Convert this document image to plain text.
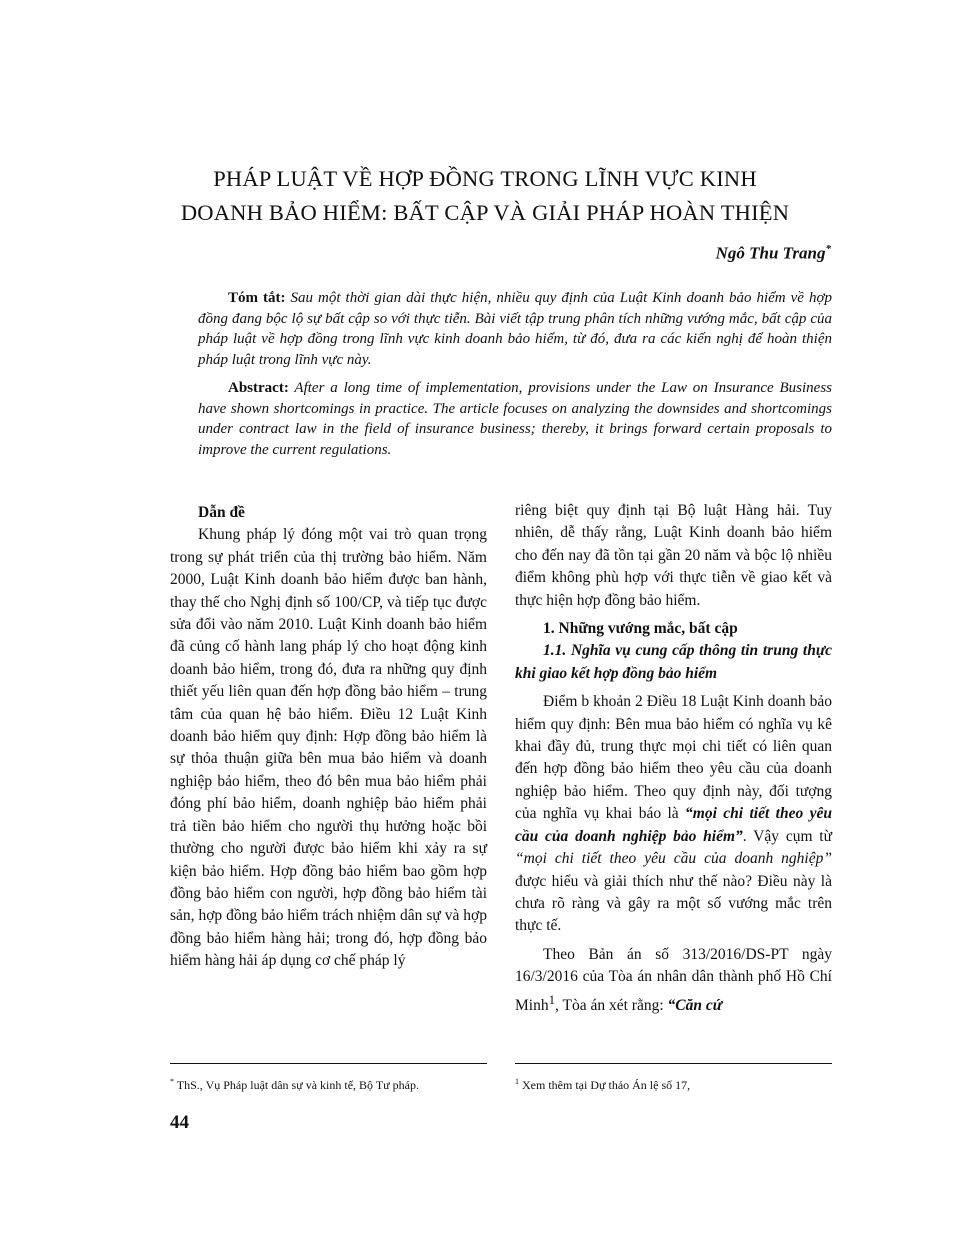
PHÁP LUẬT VỀ HỢP ĐỒNG TRONG LĨNH VỰC KINH
DOANH BẢO HIỂM: BẤT CẬP VÀ GIẢI PHÁP HOÀN THIỆN
Ngô Thu Trang*
Tóm tắt: Sau một thời gian dài thực hiện, nhiều quy định của Luật Kinh doanh bảo hiểm về hợp đồng đang bộc lộ sự bất cập so với thực tiễn. Bài viết tập trung phân tích những vướng mắc, bất cập của pháp luật về hợp đồng trong lĩnh vực kinh doanh bảo hiểm, từ đó, đưa ra các kiến nghị để hoàn thiện pháp luật trong lĩnh vực này.
Abstract: After a long time of implementation, provisions under the Law on Insurance Business have shown shortcomings in practice. The article focuses on analyzing the downsides and shortcomings under contract law in the field of insurance business; thereby, it brings forward certain proposals to improve the current regulations.

Dẫn đề

Khung pháp lý đóng một vai trò quan trọng trong sự phát triển của thị trường bảo hiểm. Năm 2000, Luật Kinh doanh bảo hiểm được ban hành, thay thế cho Nghị định số 100/CP, và tiếp tục được sửa đổi vào năm 2010. Luật Kinh doanh bảo hiểm đã củng cố hành lang pháp lý cho hoạt động kinh doanh bảo hiểm, trong đó, đưa ra những quy định thiết yếu liên quan đến hợp đồng bảo hiểm – trung tâm của quan hệ bảo hiểm. Điều 12 Luật Kinh doanh bảo hiểm quy định: Hợp đồng bảo hiểm là sự thỏa thuận giữa bên mua bảo hiểm và doanh nghiệp bảo hiểm, theo đó bên mua bảo hiểm phải đóng phí bảo hiểm, doanh nghiệp bảo hiểm phải trả tiền bảo hiểm cho người thụ hưởng hoặc bồi thường cho người được bảo hiểm khi xảy ra sự kiện bảo hiểm. Hợp đồng bảo hiểm bao gồm hợp đồng bảo hiểm con người, hợp đồng bảo hiểm tài sản, hợp đồng bảo hiểm trách nhiệm dân sự và hợp đồng bảo hiểm hàng hải; trong đó, hợp đồng bảo hiểm hàng hải áp dụng cơ chế pháp lý

riêng biệt quy định tại Bộ luật Hàng hải. Tuy nhiên, dễ thấy rằng, Luật Kinh doanh bảo hiểm cho đến nay đã tồn tại gần 20 năm và bộc lộ nhiều điểm không phù hợp với thực tiễn về giao kết và thực hiện hợp đồng bảo hiểm.

1. Những vướng mắc, bất cập

1.1. Nghĩa vụ cung cấp thông tin trung thực khi giao kết hợp đồng bảo hiểm

Điểm b khoản 2 Điều 18 Luật Kinh doanh bảo hiểm quy định: Bên mua bảo hiểm có nghĩa vụ kê khai đầy đủ, trung thực mọi chi tiết có liên quan đến hợp đồng bảo hiểm theo yêu cầu của doanh nghiệp bảo hiểm. Theo quy định này, đối tượng của nghĩa vụ khai báo là “mọi chi tiết theo yêu cầu của doanh nghiệp bảo hiểm”. Vậy cụm từ “mọi chi tiết theo yêu cầu của doanh nghiệp” được hiểu và giải thích như thế nào? Điều này là chưa rõ ràng và gây ra một số vướng mắc trên thực tế.

Theo Bản án số 313/2016/DS-PT ngày 16/3/2016 của Tòa án nhân dân thành phố Hồ Chí Minh$^1$, Tòa án xét rằng: “Căn cứ

* ThS., Vụ Pháp luật dân sự và kinh tế, Bộ Tư pháp.	$^1$ Xem thêm tại Dự thảo Án lệ số 17,
44
